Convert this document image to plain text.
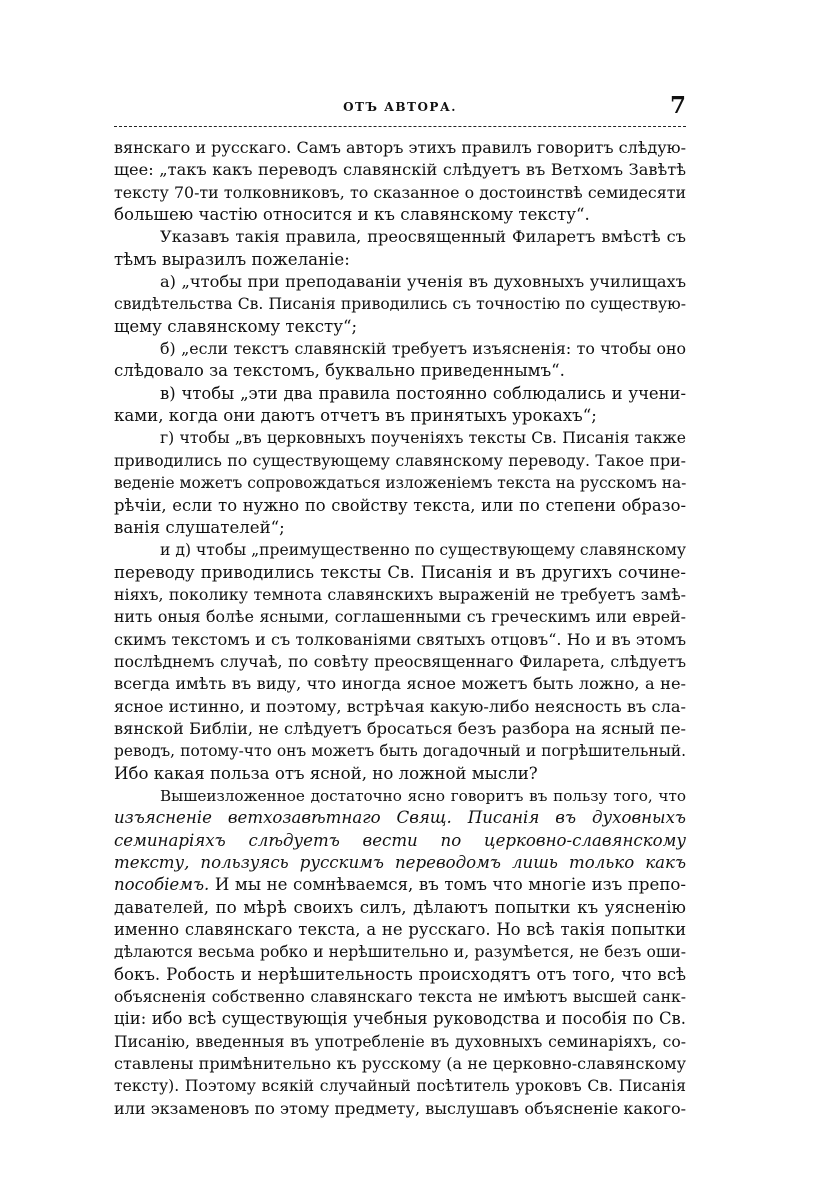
ОТЪ АВТОРА.	7
вянскаго и русскаго. Самъ авторъ этихъ правилъ говоритъ слѣдую-
щее: „такъ какъ переводъ славянскій слѣдуетъ въ Ветхомъ Завѣтѣ
тексту 70-ти толковниковъ, то сказанное о достоинствѣ семидесяти
большею частію относится и къ славянскому тексту“.
Указавъ такія правила, преосвященный Филаретъ вмѣстѣ съ
тѣмъ выразилъ пожеланіе:
а) „чтобы при преподаваніи ученія въ духовныхъ училищахъ
свидѣтельства Св. Писанія приводились съ точностію по существую-
щему славянскому тексту“;
б) „если текстъ славянскій требуетъ изъясненія: то чтобы оно
слѣдовало за текстомъ, буквально приведеннымъ“.
в) чтобы „эти два правила постоянно соблюдались и учени-
ками, когда они даютъ отчетъ въ принятыхъ урокахъ“;
г) чтобы „въ церковныхъ поученіяхъ тексты Св. Писанія также
приводились по существующему славянскому переводу. Такое при-
веденіе можетъ сопровождаться изложеніемъ текста на русскомъ на-
рѣчіи, если то нужно по свойству текста, или по степени образо-
ванія слушателей“;
и д) чтобы „преимущественно по существующему славянскому
переводу приводились тексты Св. Писанія и въ другихъ сочине-
ніяхъ, поколику темнота славянскихъ выраженій не требуетъ замѣ-
нить оныя болѣе ясными, соглашенными съ греческимъ или еврей-
скимъ текстомъ и съ толкованіями святыхъ отцовъ“. Но и въ этомъ
послѣднемъ случаѣ, по совѣту преосвященнаго Филарета, слѣдуетъ
всегда имѣть въ виду, что иногда ясное можетъ быть ложно, а не-
ясное истинно, и поэтому, встрѣчая какую-либо неясность въ сла-
вянской Библіи, не слѣдуетъ бросаться безъ разбора на ясный пе-
реводъ, потому-что онъ можетъ быть догадочный и погрѣшительный.
Ибо какая польза отъ ясной, но ложной мысли?
Вышеизложенное достаточно ясно говоритъ въ пользу того, что
изъясненіе ветхозавѣтнаго Свящ. Писанія въ духовныхъ
семинаріяхъ слѣдуетъ вести по церковно-славянскому
тексту, пользуясь русскимъ переводомъ лишь только какъ
пособіемъ. И мы не сомнѣваемся, въ томъ что многіе изъ препо-
давателей, по мѣрѣ своихъ силъ, дѣлаютъ попытки къ уясненію
именно славянскаго текста, а не русскаго. Но всѣ такія попытки
дѣлаются весьма робко и нерѣшительно и, разумѣется, не безъ оши-
бокъ. Робость и нерѣшительность происходятъ отъ того, что всѣ
объясненія собственно славянскаго текста не имѣютъ высшей санк-
ціи: ибо всѣ существующія учебныя руководства и пособія по Св.
Писанію, введенныя въ употребленіе въ духовныхъ семинаріяхъ, со-
ставлены примѣнительно къ русскому (а не церковно-славянскому
тексту). Поэтому всякій случайный посѣтитель уроковъ Св. Писанія
или экзаменовъ по этому предмету, выслушавъ объясненіе какого-
